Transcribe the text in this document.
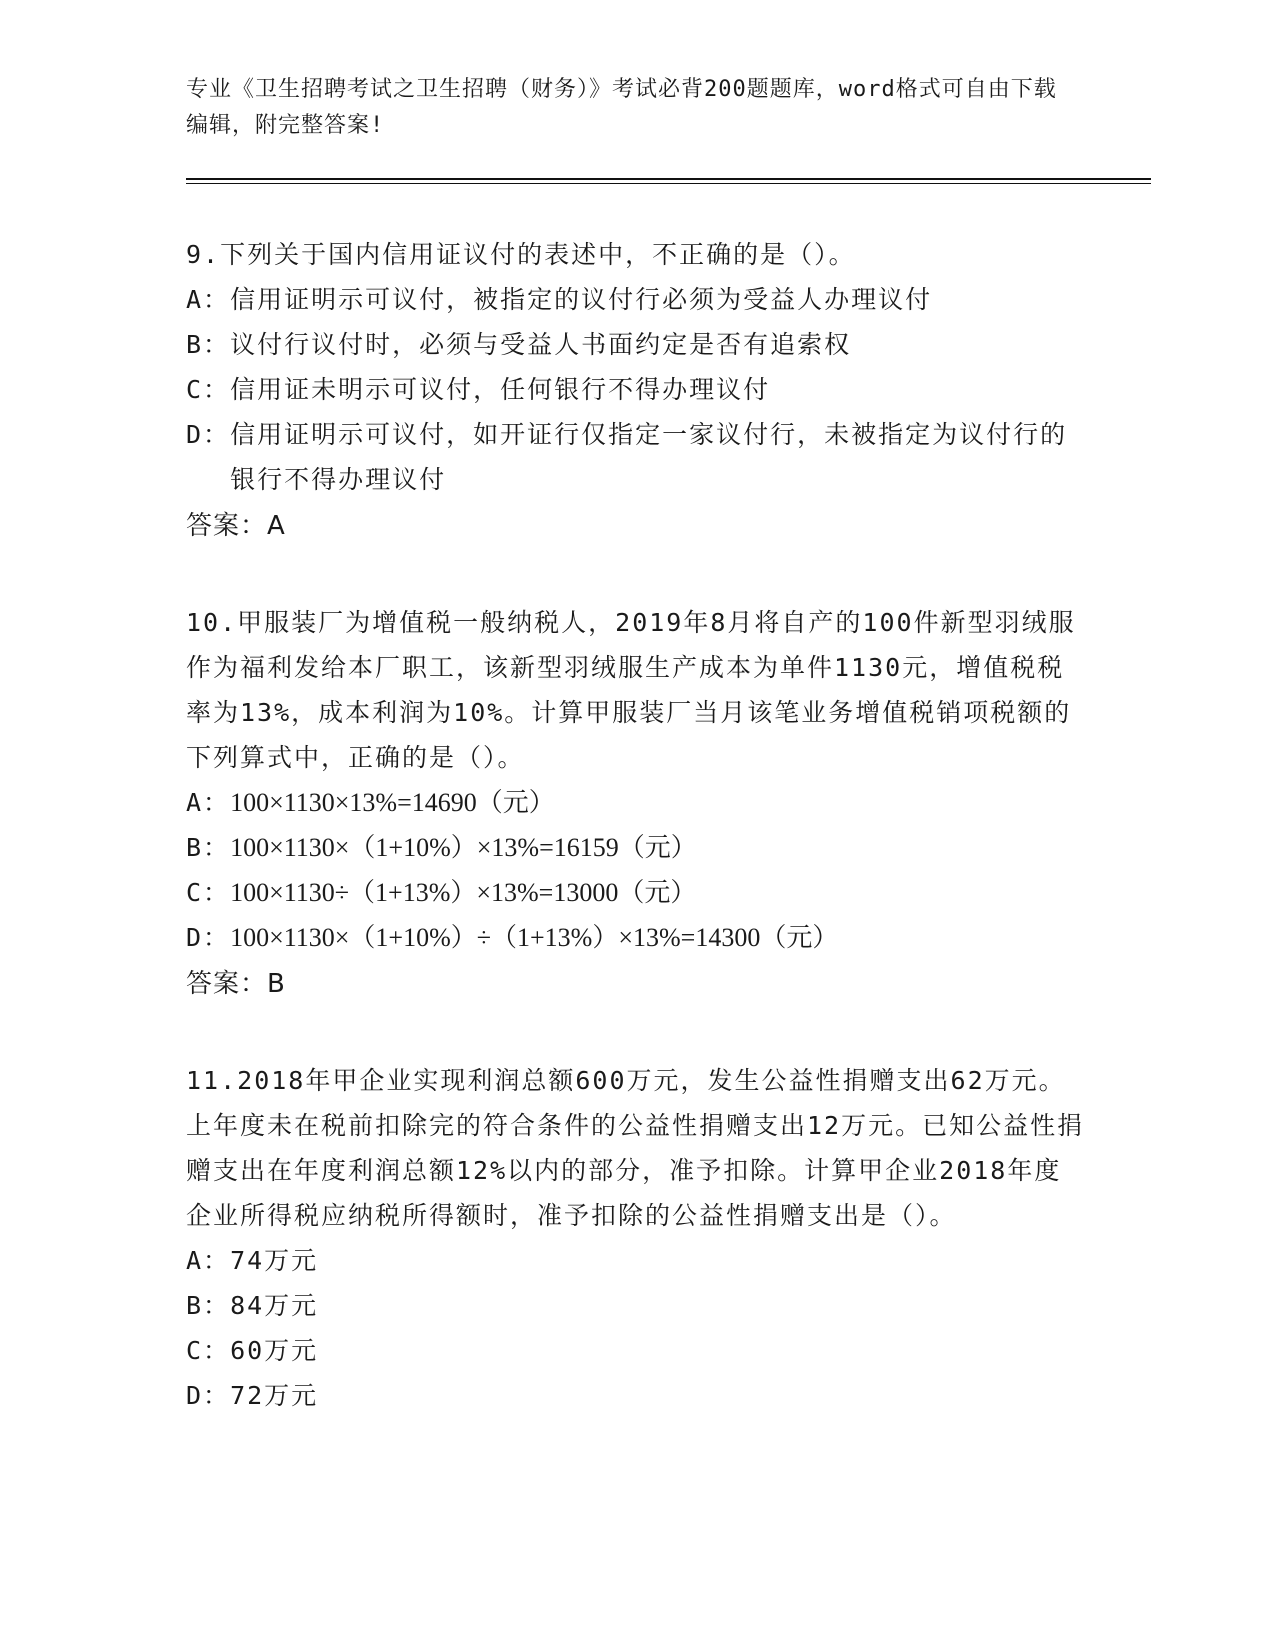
专业《卫生招聘考试之卫生招聘（财务）》考试必背200题题库，word格式可自由下载编辑，附完整答案!

9.下列关于国内信用证议付的表述中，不正确的是（）。

A： 信用证明示可议付，被指定的议付行必须为受益人办理议付

B： 议付行议付时，必须与受益人书面约定是否有追索权

C： 信用证未明示可议付，任何银行不得办理议付

D： 信用证明示可议付，如开证行仅指定一家议付行，未被指定为议付行的银行不得办理议付

答案：A

10.甲服装厂为增值税一般纳税人，2019年8月将自产的100件新型羽绒服作为福利发给本厂职工，该新型羽绒服生产成本为单件1130元，增值税税率为13%，成本利润为10%。计算甲服装厂当月该笔业务增值税销项税额的下列算式中，正确的是（）。

A： 100×1130×13%=14690（元）

B： 100×1130×（1+10%）×13%=16159（元）

C： 100×1130÷（1+13%）×13%=13000（元）

D： 100×1130×（1+10%）÷（1+13%）×13%=14300（元）

答案：B

11.2018年甲企业实现利润总额600万元，发生公益性捐赠支出62万元。上年度未在税前扣除完的符合条件的公益性捐赠支出12万元。已知公益性捐赠支出在年度利润总额12%以内的部分，准予扣除。计算甲企业2018年度企业所得税应纳税所得额时，准予扣除的公益性捐赠支出是（）。

A： 74万元

B： 84万元

C： 60万元

D： 72万元
